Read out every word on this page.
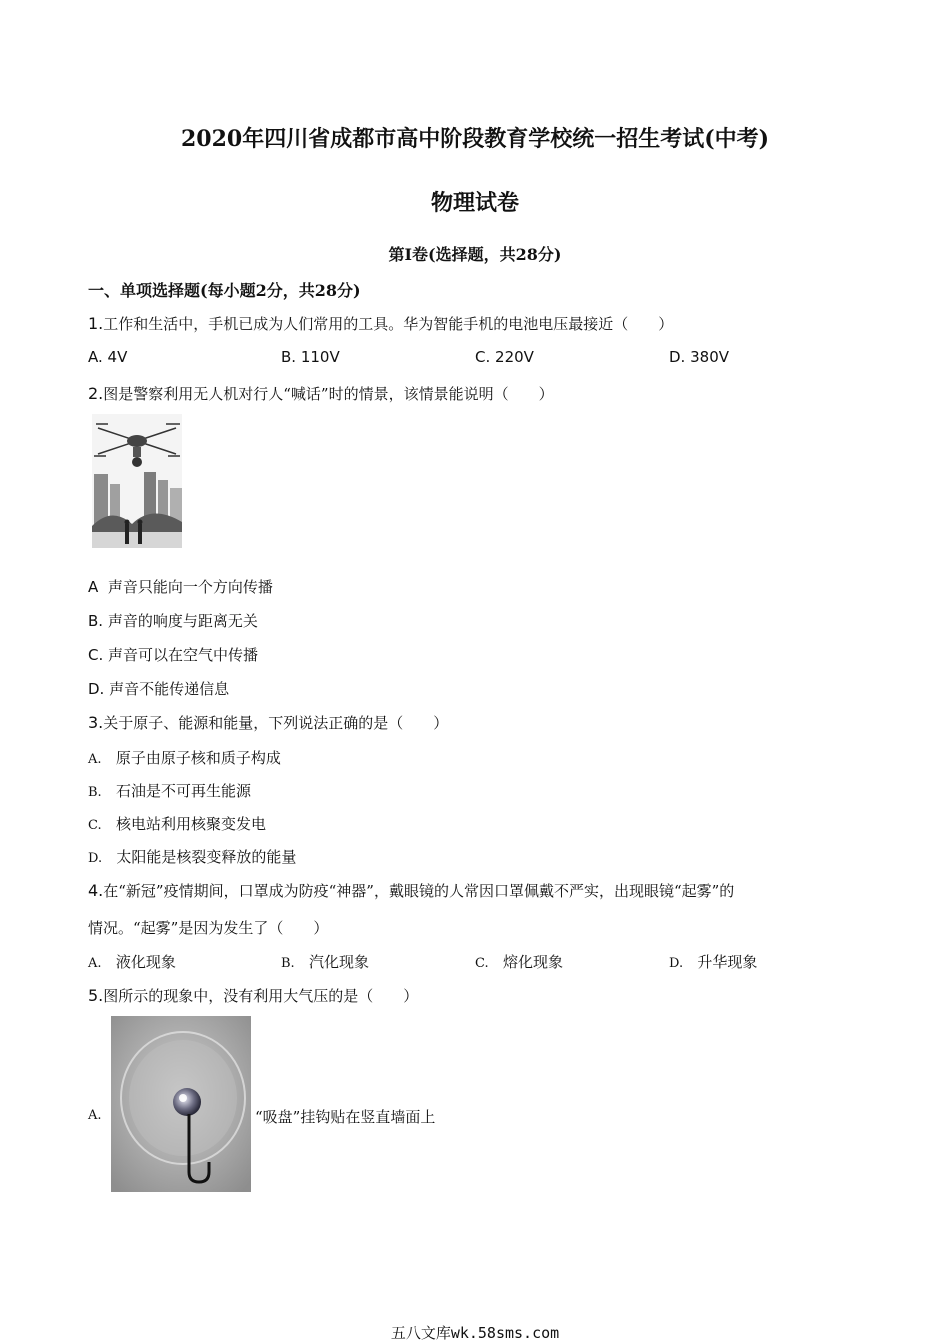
2020年四川省成都市高中阶段教育学校统一招生考试(中考)
物理试卷
第Ⅰ卷(选择题，共28分)
一、单项选择题(每小题2分，共28分)
1.工作和生活中，手机已成为人们常用的工具。华为智能手机的电池电压最接近（　　）
A. 4V	B. 110V	C. 220V	D. 380V
2.图是警察利用无人机对行人“喊话”时的情景，该情景能说明（　　）
A 声音只能向一个方向传播
B. 声音的响度与距离无关
C. 声音可以在空气中传播
D. 声音不能传递信息
3.关于原子、能源和能量，下列说法正确的是（　　）
A. 原子由原子核和质子构成
B. 石油是不可再生能源
C. 核电站利用核聚变发电
D. 太阳能是核裂变释放的能量
4.在“新冠”疫情期间，口罩成为防疫“神器”，戴眼镜的人常因口罩佩戴不严实，出现眼镜“起雾”的
情况。“起雾”是因为发生了（　　）
A. 液化现象	B. 汽化现象	C. 熔化现象	D. 升华现象
5.图所示的现象中，没有利用大气压的是（　　）
A.	“吸盘”挂钩贴在竖直墙面上
五八文库wk.58sms.com
